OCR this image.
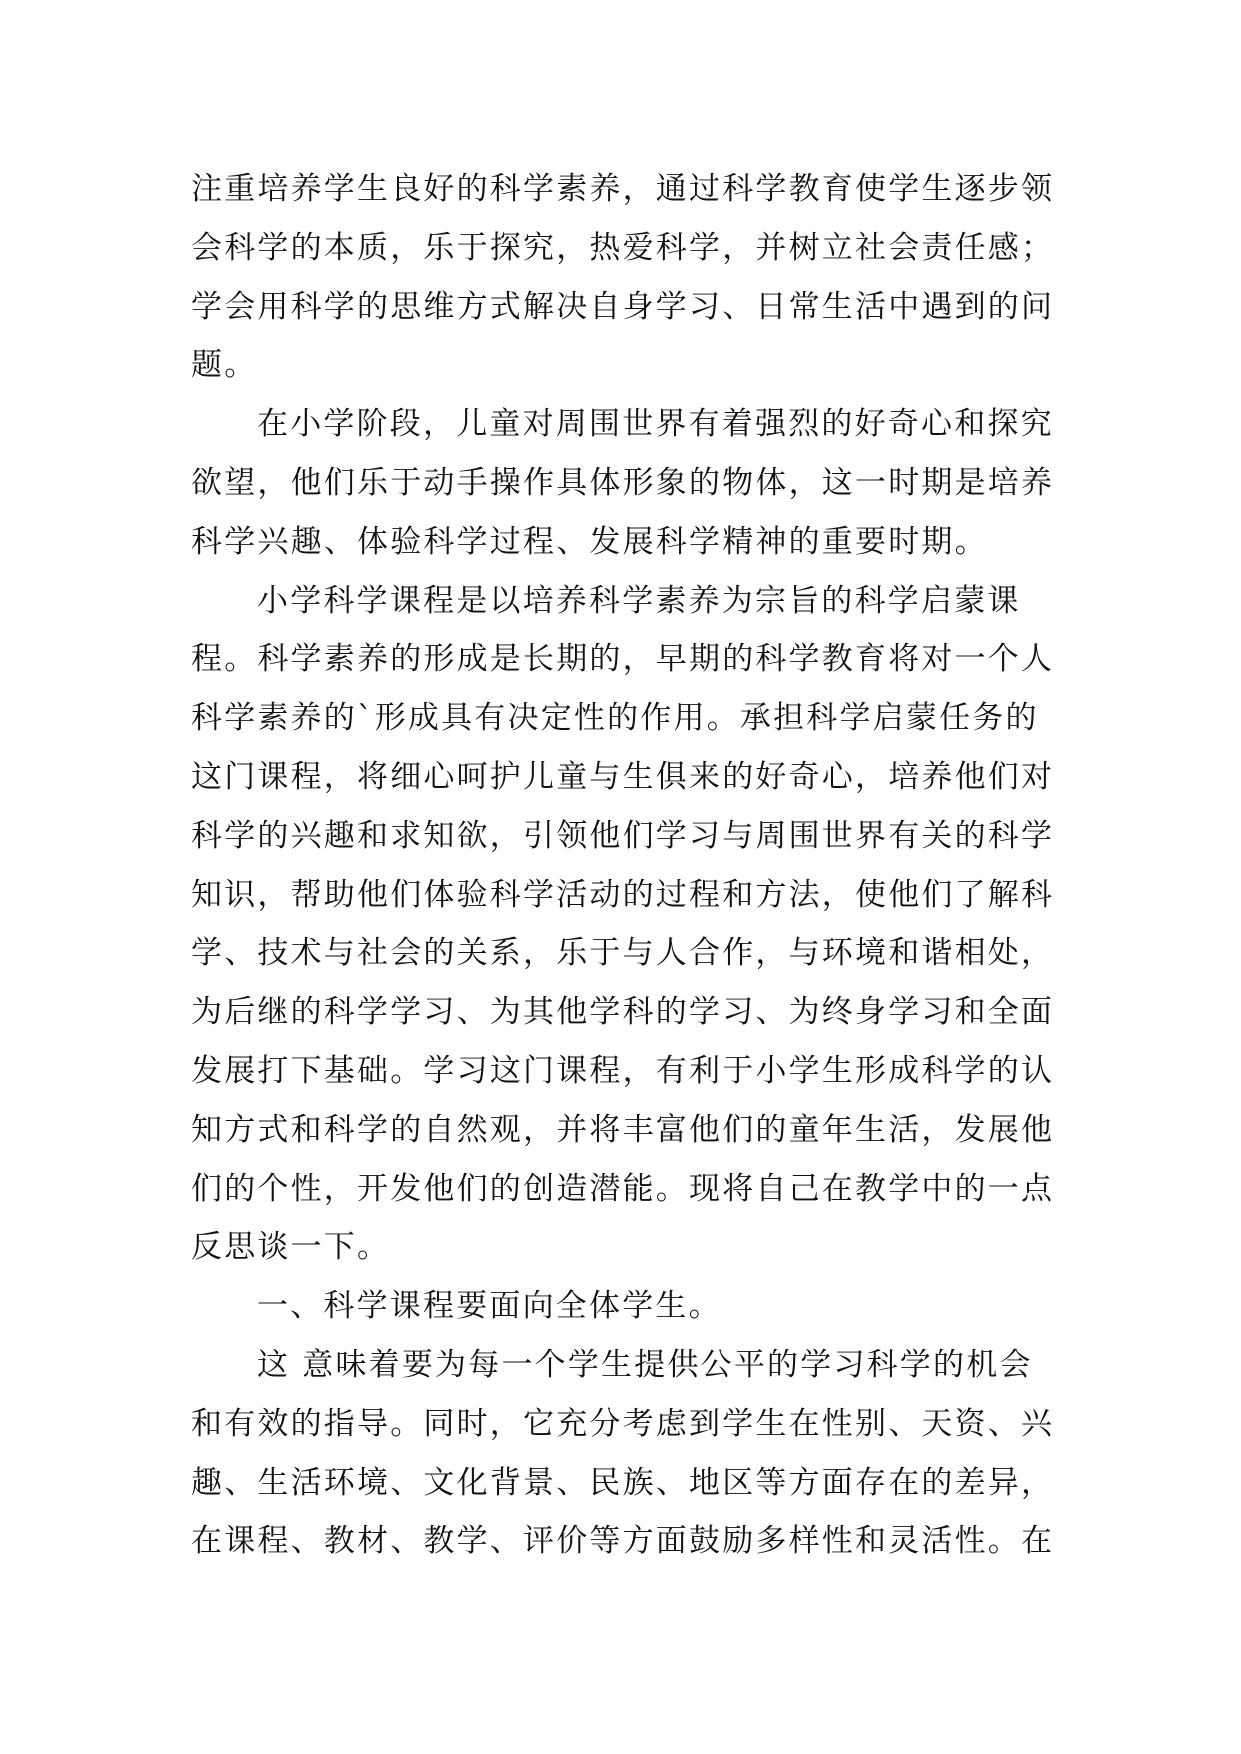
注重培养学生良好的科学素养，通过科学教育使学生逐步领
会科学的本质，乐于探究，热爱科学，并树立社会责任感；
学会用科学的思维方式解决自身学习、日常生活中遇到的问
题。
在小学阶段，儿童对周围世界有着强烈的好奇心和探究
欲望，他们乐于动手操作具体形象的物体，这一时期是培养
科学兴趣、体验科学过程、发展科学精神的重要时期。
小学科学课程是以培养科学素养为宗旨的科学启蒙课
程。科学素养的形成是长期的，早期的科学教育将对一个人
科学素养的`形成具有决定性的作用。承担科学启蒙任务的
这门课程，将细心呵护儿童与生俱来的好奇心，培养他们对
科学的兴趣和求知欲，引领他们学习与周围世界有关的科学
知识，帮助他们体验科学活动的过程和方法，使他们了解科
学、技术与社会的关系，乐于与人合作，与环境和谐相处，
为后继的科学学习、为其他学科的学习、为终身学习和全面
发展打下基础。学习这门课程，有利于小学生形成科学的认
知方式和科学的自然观，并将丰富他们的童年生活，发展他
们的个性，开发他们的创造潜能。现将自己在教学中的一点
反思谈一下。
一、科学课程要面向全体学生。
这 意味着要为每一个学生提供公平的学习科学的机会
和有效的指导。同时，它充分考虑到学生在性别、天资、兴
趣、生活环境、文化背景、民族、地区等方面存在的差异，
在课程、教材、教学、评价等方面鼓励多样性和灵活性。在
